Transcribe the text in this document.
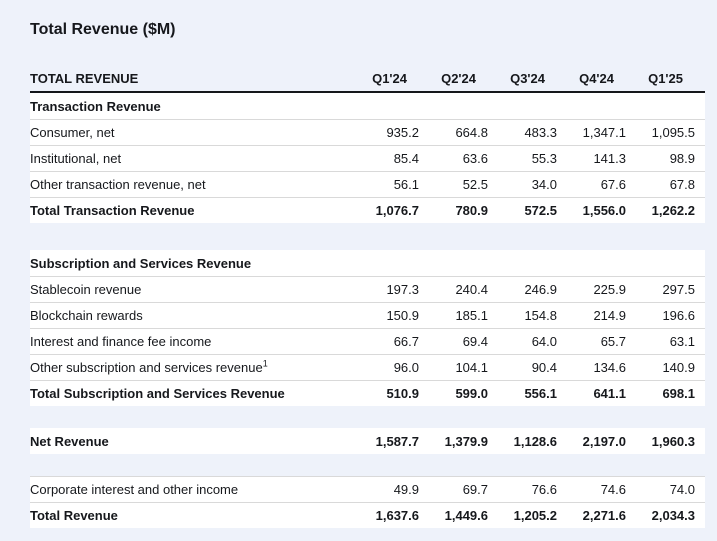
Total Revenue ($M)
TOTAL REVENUE	Q1'24	Q2'24	Q3'24	Q4'24	Q1'25
Transaction Revenue
Consumer, net	935.2	664.8	483.3	1,347.1	1,095.5
Institutional, net	85.4	63.6	55.3	141.3	98.9
Other transaction revenue, net	56.1	52.5	34.0	67.6	67.8
Total Transaction Revenue	1,076.7	780.9	572.5	1,556.0	1,262.2
Subscription and Services Revenue
Stablecoin revenue	197.3	240.4	246.9	225.9	297.5
Blockchain rewards	150.9	185.1	154.8	214.9	196.6
Interest and finance fee income	66.7	69.4	64.0	65.7	63.1
Other subscription and services revenue$^1$	96.0	104.1	90.4	134.6	140.9
Total Subscription and Services Revenue	510.9	599.0	556.1	641.1	698.1
Net Revenue	1,587.7	1,379.9	1,128.6	2,197.0	1,960.3
Corporate interest and other income	49.9	69.7	76.6	74.6	74.0
Total Revenue	1,637.6	1,449.6	1,205.2	2,271.6	2,034.3
